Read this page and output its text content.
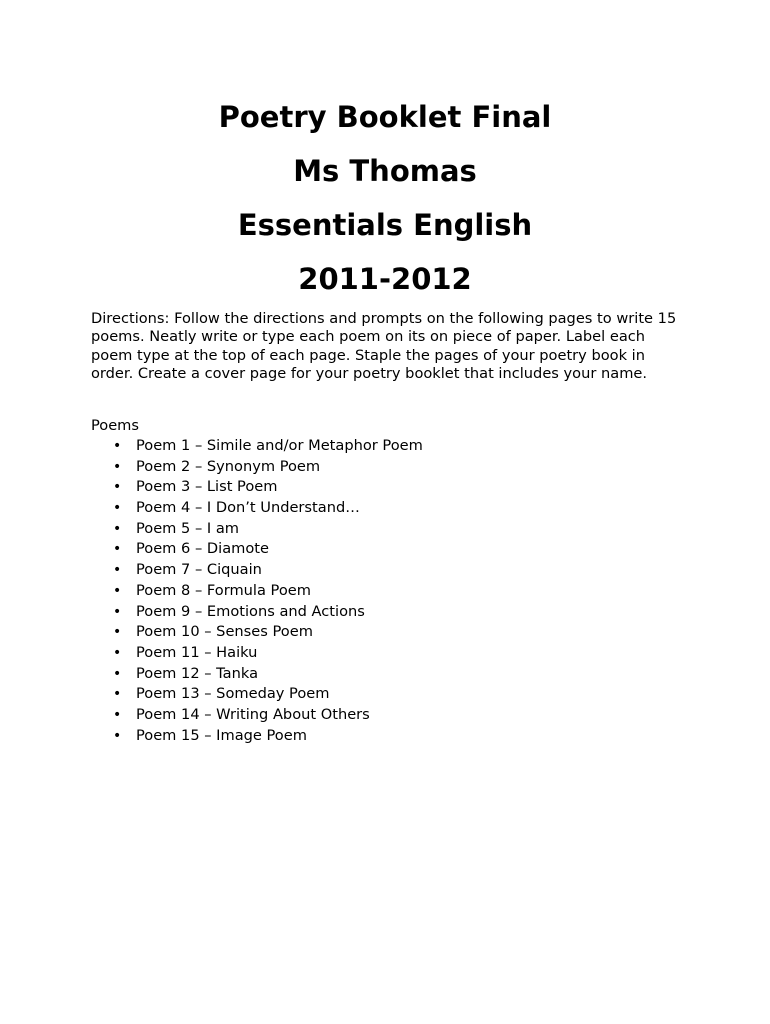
Poetry Booklet Final
Ms Thomas
Essentials English
2011-2012

Directions: Follow the directions and prompts on the following pages to write 15 poems. Neatly write or type each poem on its on piece of paper. Label each poem type at the top of each page. Staple the pages of your poetry book in order. Create a cover page for your poetry booklet that includes your name.

Poems

• Poem 1 – Simile and/or Metaphor Poem
• Poem 2 – Synonym Poem
• Poem 3 – List Poem
• Poem 4 – I Don’t Understand…
• Poem 5 – I am
• Poem 6 – Diamote
• Poem 7 – Ciquain
• Poem 8 – Formula Poem
• Poem 9 – Emotions and Actions
• Poem 10 – Senses Poem
• Poem 11 – Haiku
• Poem 12 – Tanka
• Poem 13 – Someday Poem
• Poem 14 – Writing About Others
• Poem 15 – Image Poem
